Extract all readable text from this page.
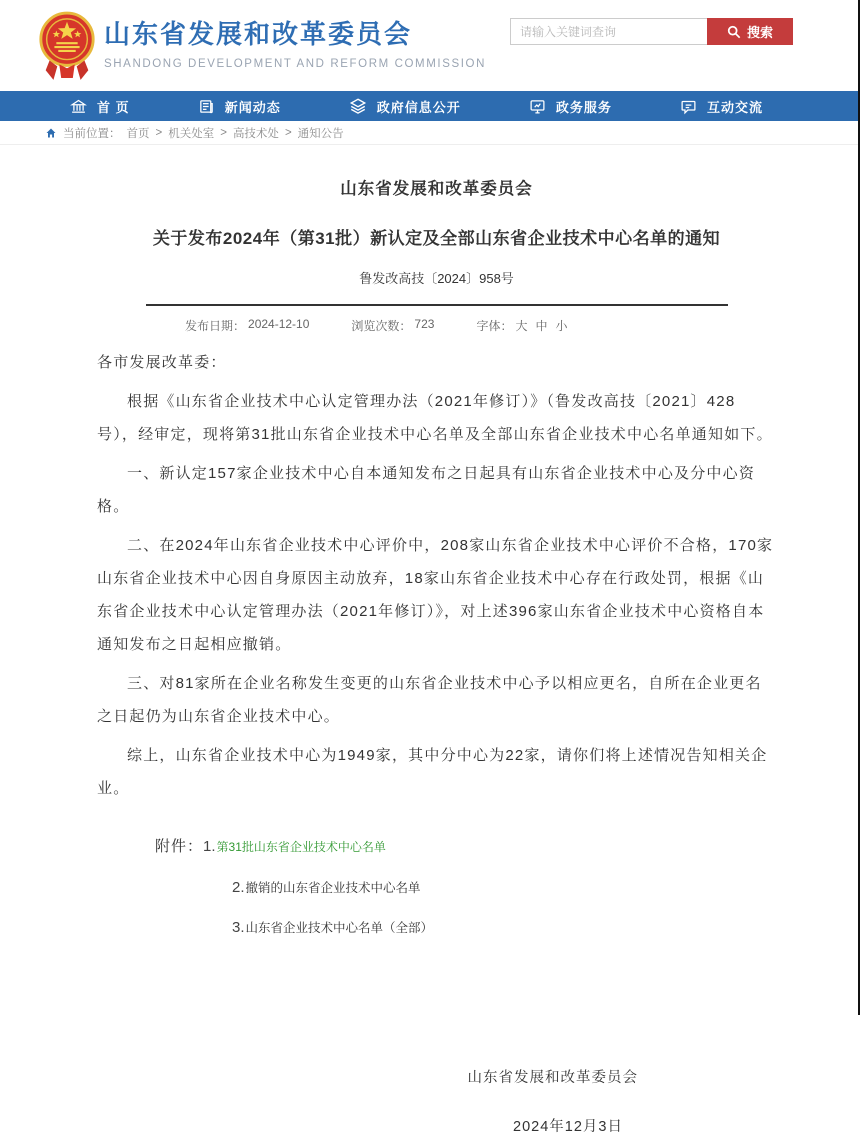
山东省发展和改革委员会
SHANDONG DEVELOPMENT AND REFORM COMMISSION
请输入关键词查询
搜索
首 页	新闻动态	政府信息公开	政务服务	互动交流
当前位置： 首页 > 机关处室 > 高技术处 > 通知公告
山东省发展和改革委员会
关于发布2024年（第31批）新认定及全部山东省企业技术中心名单的通知
鲁发改高技〔2024〕958号
发布日期： 2024-12-10	浏览次数： 723	字体： 大 中 小

各市发展改革委：

根据《山东省企业技术中心认定管理办法（2021年修订）》（鲁发改高技〔2021〕428号），经审定，现将第31批山东省企业技术中心名单及全部山东省企业技术中心名单通知如下。

一、新认定157家企业技术中心自本通知发布之日起具有山东省企业技术中心及分中心资格。

二、在2024年山东省企业技术中心评价中，208家山东省企业技术中心评价不合格，170家山东省企业技术中心因自身原因主动放弃，18家山东省企业技术中心存在行政处罚，根据《山东省企业技术中心认定管理办法（2021年修订）》，对上述396家山东省企业技术中心资格自本通知发布之日起相应撤销。

三、对81家所在企业名称发生变更的山东省企业技术中心予以相应更名，自所在企业更名之日起仍为山东省企业技术中心。

综上，山东省企业技术中心为1949家，其中分中心为22家，请你们将上述情况告知相关企业。

附件： 1. 第31批山东省企业技术中心名单
2. 撤销的山东省企业技术中心名单
3. 山东省企业技术中心名单（全部）
山东省发展和改革委员会
2024年12月3日
